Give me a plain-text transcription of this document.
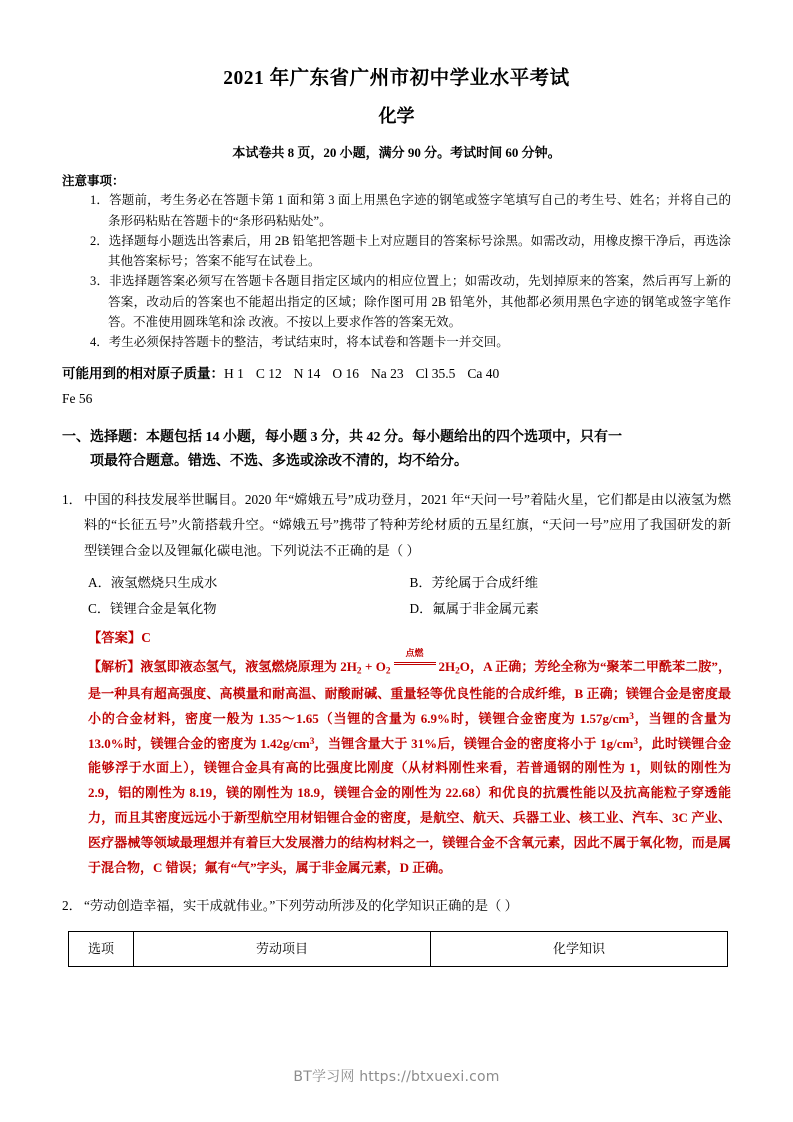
2021 年广东省广州市初中学业水平考试
化学
本试卷共 8 页，20 小题，满分 90 分。考试时间 60 分钟。
注意事项：
1．答题前，考生务必在答题卡第 1 面和第 3 面上用黑色字迹的钢笔或签字笔填写自己的考生号、姓名；并将自己的条形码粘贴在答题卡的“条形码粘贴处”。
2．选择题每小题选出答素后，用 2B 铅笔把答题卡上对应题目的答案标号涂黑。如需改动，用橡皮擦干净后，再选涂其他答案标号；答案不能写在试卷上。
3．非选择题答案必须写在答题卡各题目指定区域内的相应位置上；如需改动，先划掉原来的答案，然后再写上新的答案，改动后的答案也不能超出指定的区域；除作图可用 2B 铅笔外，其他都必须用黑色字迹的钢笔或签字笔作答。不准使用圆珠笔和涂 改液。不按以上要求作答的答案无效。
4．考生必须保持答题卡的整洁，考试结束时，将本试卷和答题卡一并交回。
可能用到的相对原子质量：H 1 C 12 N 14 O 16 Na 23 Cl 35.5 Ca 40
Fe 56
一、选择题：本题包括 14 小题，每小题 3 分，共 42 分。每小题给出的四个选项中，只有一
项最符合题意。错选、不选、多选或涂改不清的，均不给分。
1． 中国的科技发展举世瞩目。2020 年“嫦娥五号”成功登月，2021 年“天问一号”着陆火星，它们都是由以液氢为燃料的“长征五号”火箭搭载升空。“嫦娥五号”携带了特种芳纶材质的五星红旗，“天问一号”应用了我国研发的新型镁锂合金以及锂氟化碳电池。下列说法不正确的是（ ）
A．液氢燃烧只生成水	B．芳纶属于合成纤维
C．镁锂合金是氧化物	D．氟属于非金属元素
【答案】C
【解析】液氢即液态氢气，液氢燃烧原理为 $2H_2 + O_2$
点燃
$2H_2O$，A 正确；芳纶全称为“聚苯二甲酰苯二胺”，是一种具有超高强度、高模量和耐高温、耐酸耐碱、重量轻等优良性能的合成纤维，B 正确；镁锂合金是密度最小的合金材料，密度一般为 1.35～1.65（当锂的含量为 6.9%时，镁锂合金密度为 $1.57g/cm^3$，当锂的含量为 13.0%时，镁锂合金的密度为 $1.42g/cm^3$，当锂含量大于 31%后，镁锂合金的密度将小于 $1g/cm^3$，此时镁锂合金能够浮于水面上），镁锂合金具有高的比强度比刚度（从材料刚性来看，若普通钢的刚性为 1，则钛的刚性为 2.9，铝的刚性为 8.19，镁的刚性为 18.9，镁锂合金的刚性为 22.68）和优良的抗震性能以及抗高能粒子穿透能力，而且其密度远远小于新型航空用材铝锂合金的密度，是航空、航天、兵器工业、核工业、汽车、3C 产业、医疗器械等领域最理想并有着巨大发展潜力的结构材料之一，镁锂合金不含氧元素，因此不属于氧化物，而是属于混合物，C 错误；氟有“气”字头，属于非金属元素，D 正确。
2． “劳动创造幸福，实干成就伟业。”下列劳动所涉及的化学知识正确的是（ ）
选项	劳动项目	化学知识
BT学习网 https://btxuexi.com
